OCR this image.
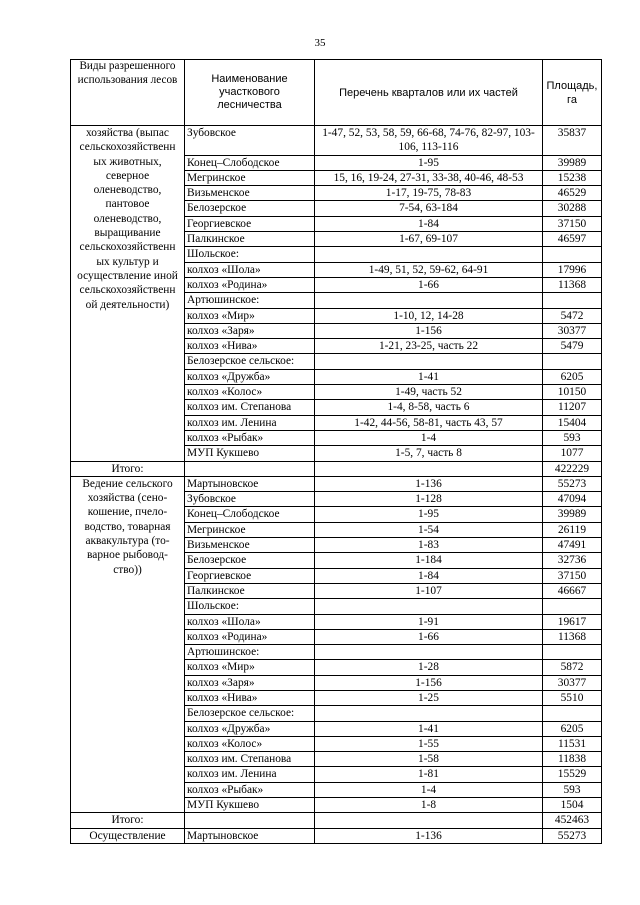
35
Виды разрешенного использования лесов	Наименование участкового лесничества	Перечень кварталов или их частей	Площадь, га
хозяйства (выпас сельскохозяйственн ых животных, северное оленеводство, пантовое оленеводство, выращивание сельскохозяйственн ых культур и осуществление иной сельскохозяйственн ой деятельности)	Зубовское	1-47, 52, 53, 58, 59, 66-68, 74-76, 82-97, 103-106, 113-116	35837
	Конец–Слободское	1-95	39989
	Мегринское	15, 16, 19-24, 27-31, 33-38, 40-46, 48-53	15238
	Визьменское	1-17, 19-75, 78-83	46529
	Белозерское	7-54, 63-184	30288
	Георгиевское	1-84	37150
	Палкинское	1-67, 69-107	46597
	Шольское:		
	колхоз «Шола»	1-49, 51, 52, 59-62, 64-91	17996
	колхоз «Родина»	1-66	11368
	Артюшинское:		
	колхоз «Мир»	1-10, 12, 14-28	5472
	колхоз «Заря»	1-156	30377
	колхоз «Нива»	1-21, 23-25, часть 22	5479
	Белозерское сельское:		
	колхоз «Дружба»	1-41	6205
	колхоз «Колос»	1-49, часть 52	10150
	колхоз им. Степанова	1-4, 8-58, часть 6	11207
	колхоз им. Ленина	1-42, 44-56, 58-81, часть 43, 57	15404
	колхоз «Рыбак»	1-4	593
	МУП Кукшево	1-5, 7, часть 8	1077
Итого:			422229
Ведение сельского хозяйства (сено- кошение, пчело- водство, товарная аквакультура (то- варное рыбовод- ство))	Мартыновское	1-136	55273
	Зубовское	1-128	47094
	Конец–Слободское	1-95	39989
	Мегринское	1-54	26119
	Визьменское	1-83	47491
	Белозерское	1-184	32736
	Георгиевское	1-84	37150
	Палкинское	1-107	46667
	Шольское:		
	колхоз «Шола»	1-91	19617
	колхоз «Родина»	1-66	11368
	Артюшинское:		
	колхоз «Мир»	1-28	5872
	колхоз «Заря»	1-156	30377
	колхоз «Нива»	1-25	5510
	Белозерское сельское:		
	колхоз «Дружба»	1-41	6205
	колхоз «Колос»	1-55	11531
	колхоз им. Степанова	1-58	11838
	колхоз им. Ленина	1-81	15529
	колхоз «Рыбак»	1-4	593
	МУП Кукшево	1-8	1504
Итого:			452463
Осуществление	Мартыновское	1-136	55273
